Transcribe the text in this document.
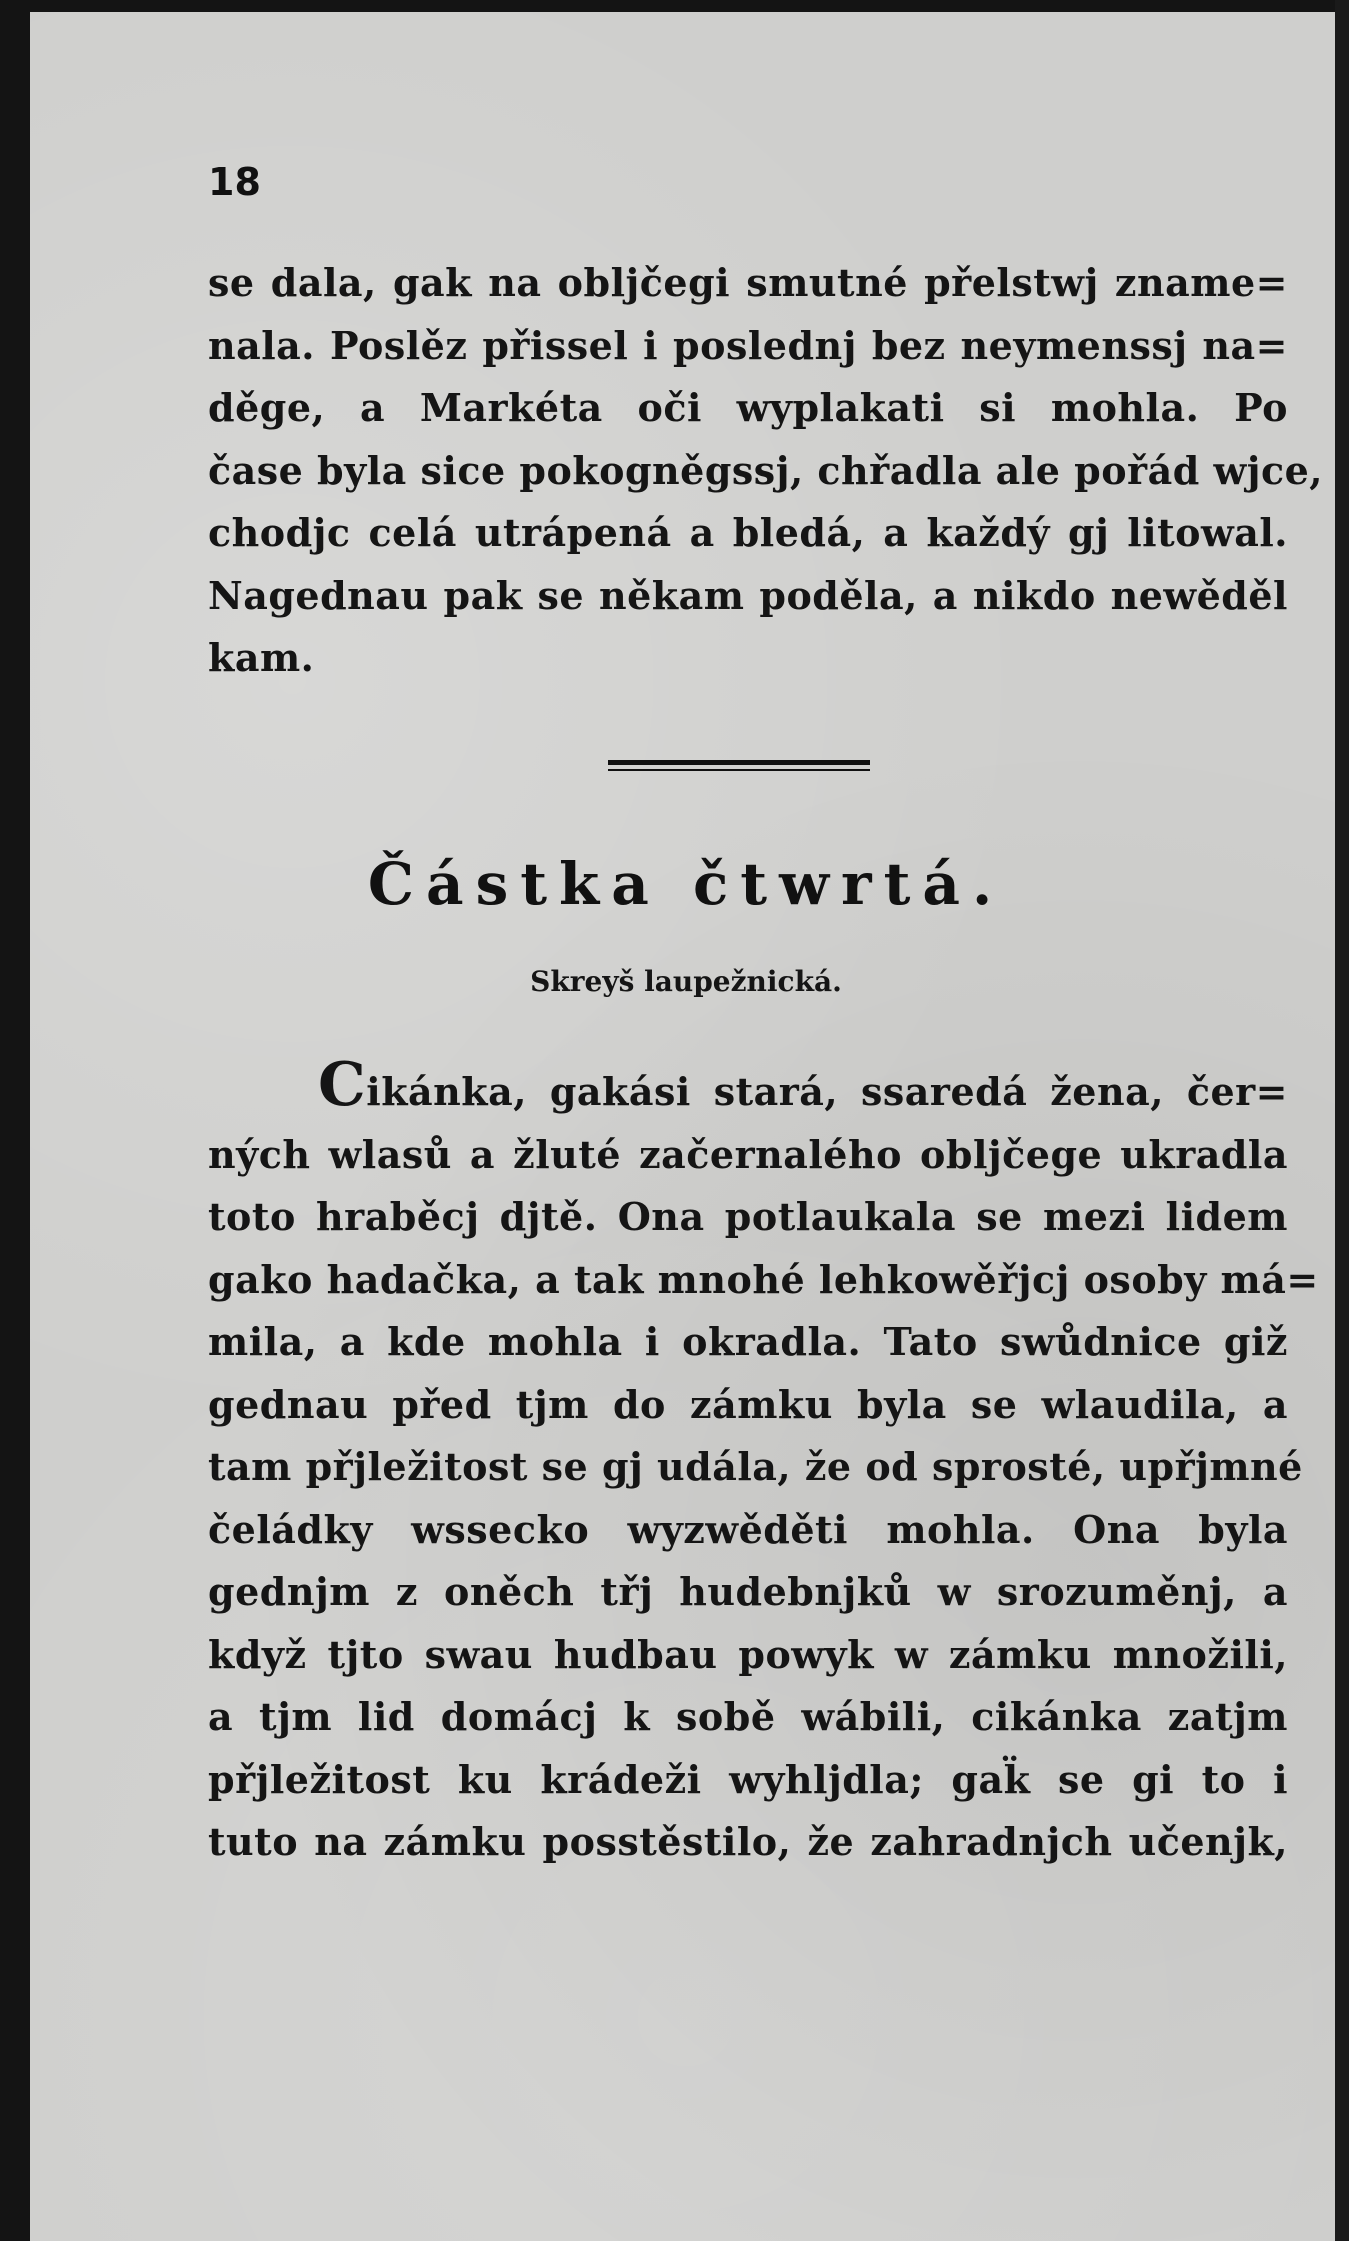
18
se dala, gak na obljčegi smutné přelstwj zname=
nala. Poslěz přissel i poslednj bez neymenssj na=
děge, a Markéta oči wyplakati si mohla. Po
čase byla sice pokogněgssj, chřadla ale pořád wjce,
chodjc celá utrápená a bledá, a každý gj litowal.
Nagednau pak se někam poděla, a nikdo newěděl
kam.
Částka čtwrtá.
Skreyš laupežnická.
Cikánka, gakási stará, ssaredá žena, čer=
ných wlasů a žluté začernalého obljčege ukradla
toto hraběcj djtě. Ona potlaukala se mezi lidem
gako hadačka, a tak mnohé lehkowěřjcj osoby má=
mila, a kde mohla i okradla. Tato swůdnice giž
gednau před tjm do zámku byla se wlaudila, a
tam přjležitost se gj udála, že od sprosté, upřjmné
čeládky wsseckо wyzwěděti mohla. Ona byla
gednjm z oněch třj hudebnjků w srozuměnj, a
když tjto swau hudbau powyk w zámku množili,
a tjm lid domácj k sobě wábili, cikánka zatjm
přjležitost ku krádeži wyhljdla; gak̈ se gi to i
tuto na zámku posstěstilo, že zahradnjch učenjk,
